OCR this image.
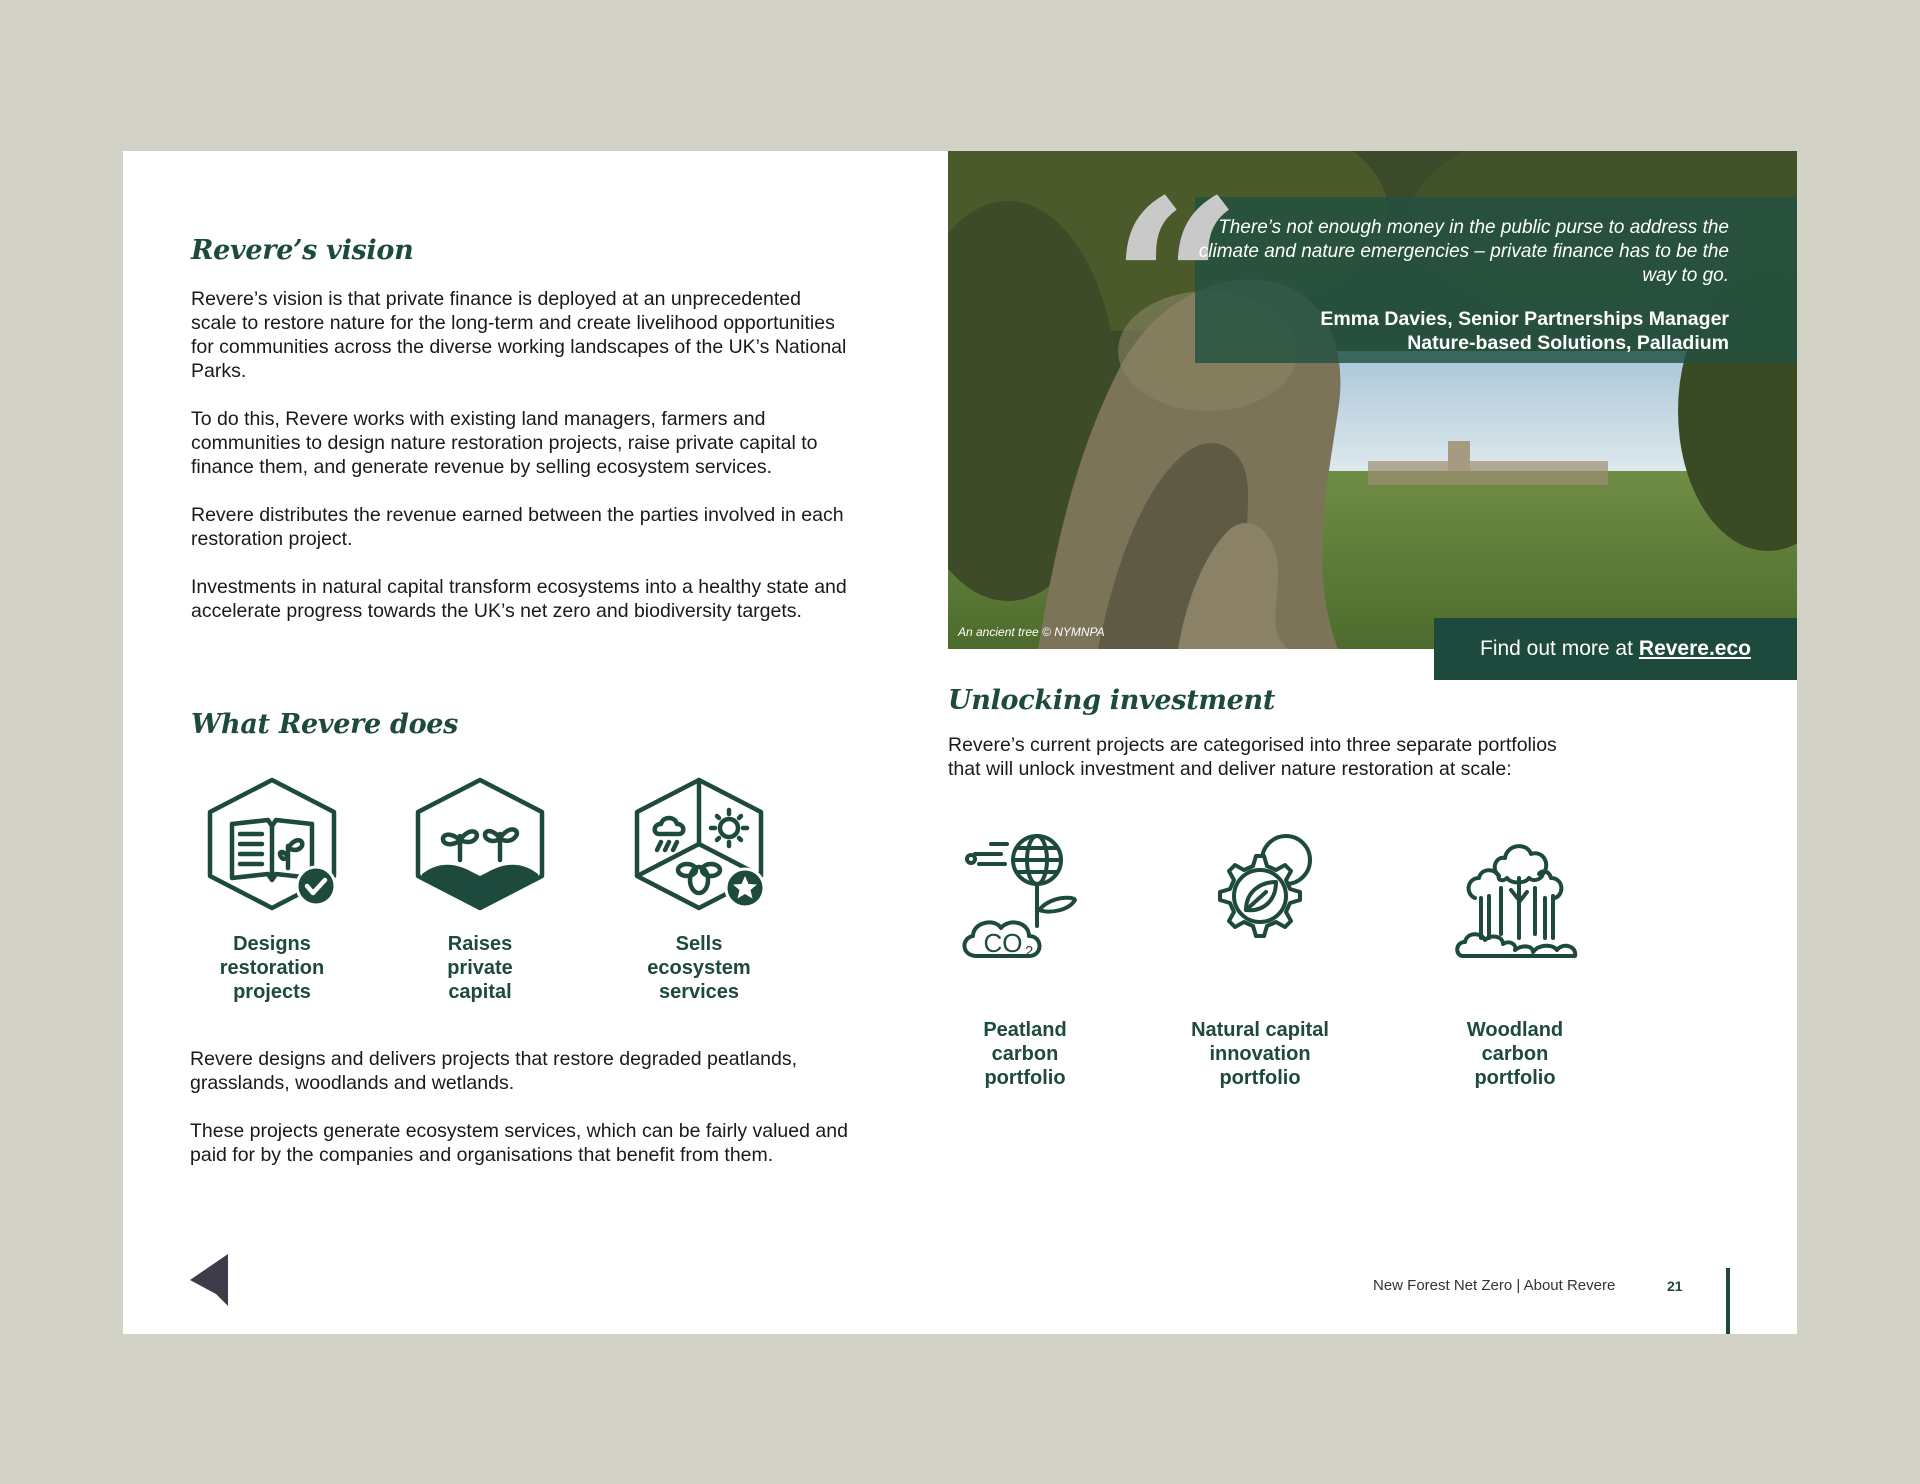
Revere’s vision

Revere’s vision is that private finance is deployed at an unprecedented scale to restore nature for the long-term and create livelihood opportunities for communities across the diverse working landscapes of the UK’s National Parks.

To do this, Revere works with existing land managers, farmers and communities to design nature restoration projects, raise private capital to finance them, and generate revenue by selling ecosystem services.

Revere distributes the revenue earned between the parties involved in each restoration project.

Investments in natural capital transform ecosystems into a healthy state and accelerate progress towards the UK’s net zero and biodiversity targets.

What Revere does
Designs
restoration
projects
Raises
private
capital
Sells
ecosystem
services

Revere designs and delivers projects that restore degraded peatlands, grasslands, woodlands and wetlands.

These projects generate ecosystem services, which can be fairly valued and paid for by the companies and organisations that benefit from them.

“
There’s not enough money in the public purse to address the climate and nature emergencies – private finance has to be the way to go.
Emma Davies, Senior Partnerships Manager
Nature-based Solutions, Palladium
An ancient tree © NYMNPA
Find out more at Revere.eco
Unlocking investment

Revere’s current projects are categorised into three separate portfolios that will unlock investment and deliver nature restoration at scale:

CO 2
Peatland
carbon
portfolio
Natural capital
innovation
portfolio
Woodland
carbon
portfolio
New Forest Net Zero | About Revere	21
